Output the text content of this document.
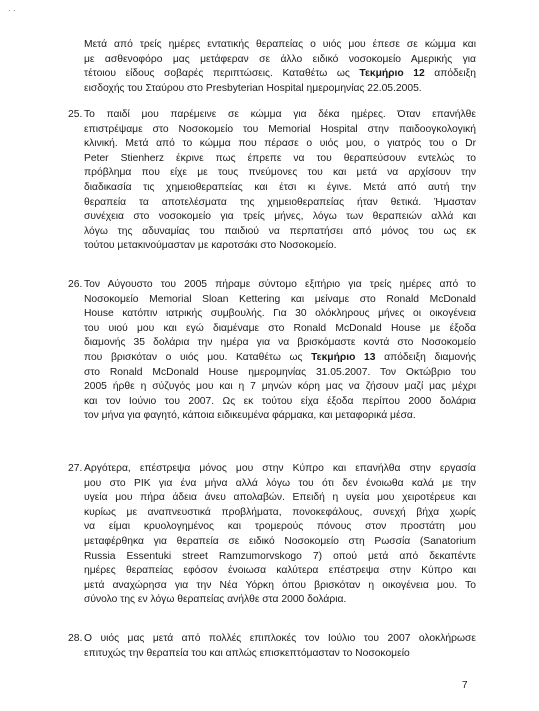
· ·
Μετά από τρείς ημέρες εντατικής θεραπείας ο υιός μου έπεσε σε κώμμα και
με ασθενοφόρο μας μετάφεραν σε άλλο ειδικό νοσοκομείο Αμερικής για
τέτοιου είδους σοβαρές περιπτώσεις. Καταθέτω ως Τεκμήριο 12 απόδειξη
εισδοχής του Σταύρου στο Presbyterian Hospital ημερομηνίας 22.05.2005.
25. Το παιδί μου παρέμεινε σε κώμμα για δέκα ημέρες. Όταν επανήλθε
επιστρέψαμε στο Νοσοκομείο του Memorial Hospital στην παιδοογκολογική
κλινική. Μετά από το κώμμα που πέρασε ο υιός μου, ο γιατρός του ο Dr
Peter Stienherz έκρινε πως έπρεπε να του θεραπεύσουν εντελώς το
πρόβλημα που είχε με τους πνεύμονες του και μετά να αρχίσουν την
διαδικασία τις χημειοθεραπείας και έτσι κι έγινε. Μετά από αυτή την
θεραπεία τα αποτελέσματα της χημειοθεραπείας ήταν θετικά. Ήμασταν
συνέχεια στο νοσοκομείο για τρείς μήνες, λόγω των θεραπειών αλλά και
λόγω της αδυναμίας του παιδιού να περπατήσει από μόνος του ως εκ
τούτου μετακινούμασταν με καροτσάκι στο Νοσοκομείο.
26. Τον Αύγουστο του 2005 πήραμε σύντομο εξιτήριο για τρείς ημέρες από το
Νοσοκομείο Memorial Sloan Kettering και μείναμε στο Ronald McDonald
House κατόπιν ιατρικής συμβουλής. Για 30 ολόκληρους μήνες οι οικογένεια
του υιού μου και εγώ διαμέναμε στο Ronald McDonald House με έξοδα
διαμονής 35 δολάρια την ημέρα για να βρισκόμαστε κοντά στο Νοσοκομείο
που βρισκόταν ο υιός μου. Καταθέτω ως Τεκμήριο 13 απόδειξη διαμονής
στο Ronald McDonald House ημερομηνίας 31.05.2007. Τον Οκτώβριο του
2005 ήρθε η σύζυγός μου και η 7 μηνών κόρη μας να ζήσουν μαζί μας μέχρι
και τον Ιούνιο του 2007. Ως εκ τούτου είχα έξοδα περίπου 2000 δολάρια
τον μήνα για φαγητό, κάποια ειδικευμένα φάρμακα, και μεταφορικά μέσα.
27. Αργότερα, επέστρεψα μόνος μου στην Κύπρο και επανήλθα στην εργασία
μου στο ΡΙΚ για ένα μήνα αλλά λόγω του ότι δεν ένοιωθα καλά με την
υγεία μου πήρα άδεια άνευ απολαβών. Επειδή η υγεία μου χειροτέρευε και
κυρίως με αναπνευστικά προβλήματα, πονοκεφάλους, συνεχή βήχα χωρίς
να είμαι κρυολογημένος και τρομερούς πόνους στον προστάτη μου
μεταφέρθηκα για θεραπεία σε ειδικό Νοσοκομείο στη Ρωσσία (Sanatorium
Russia Essentuki street Ramzumorvskogo 7) οπού μετά από δεκαπέντε
ημέρες θεραπείας εφόσον ένοιωσα καλύτερα επέστρεψα στην Κύπρο και
μετά αναχώρησα για την Νέα Υόρκη όπου βρισκόταν η οικογένεια μου. Το
σύνολο της εν λόγω θεραπείας ανήλθε στα 2000 δολάρια.
28. Ο υιός μας μετά από πολλές επιπλοκές τον Ιούλιο του 2007 ολοκλήρωσε
επιτυχώς την θεραπεία του και απλώς επισκεπτόμασταν το Νοσοκομείο
7
